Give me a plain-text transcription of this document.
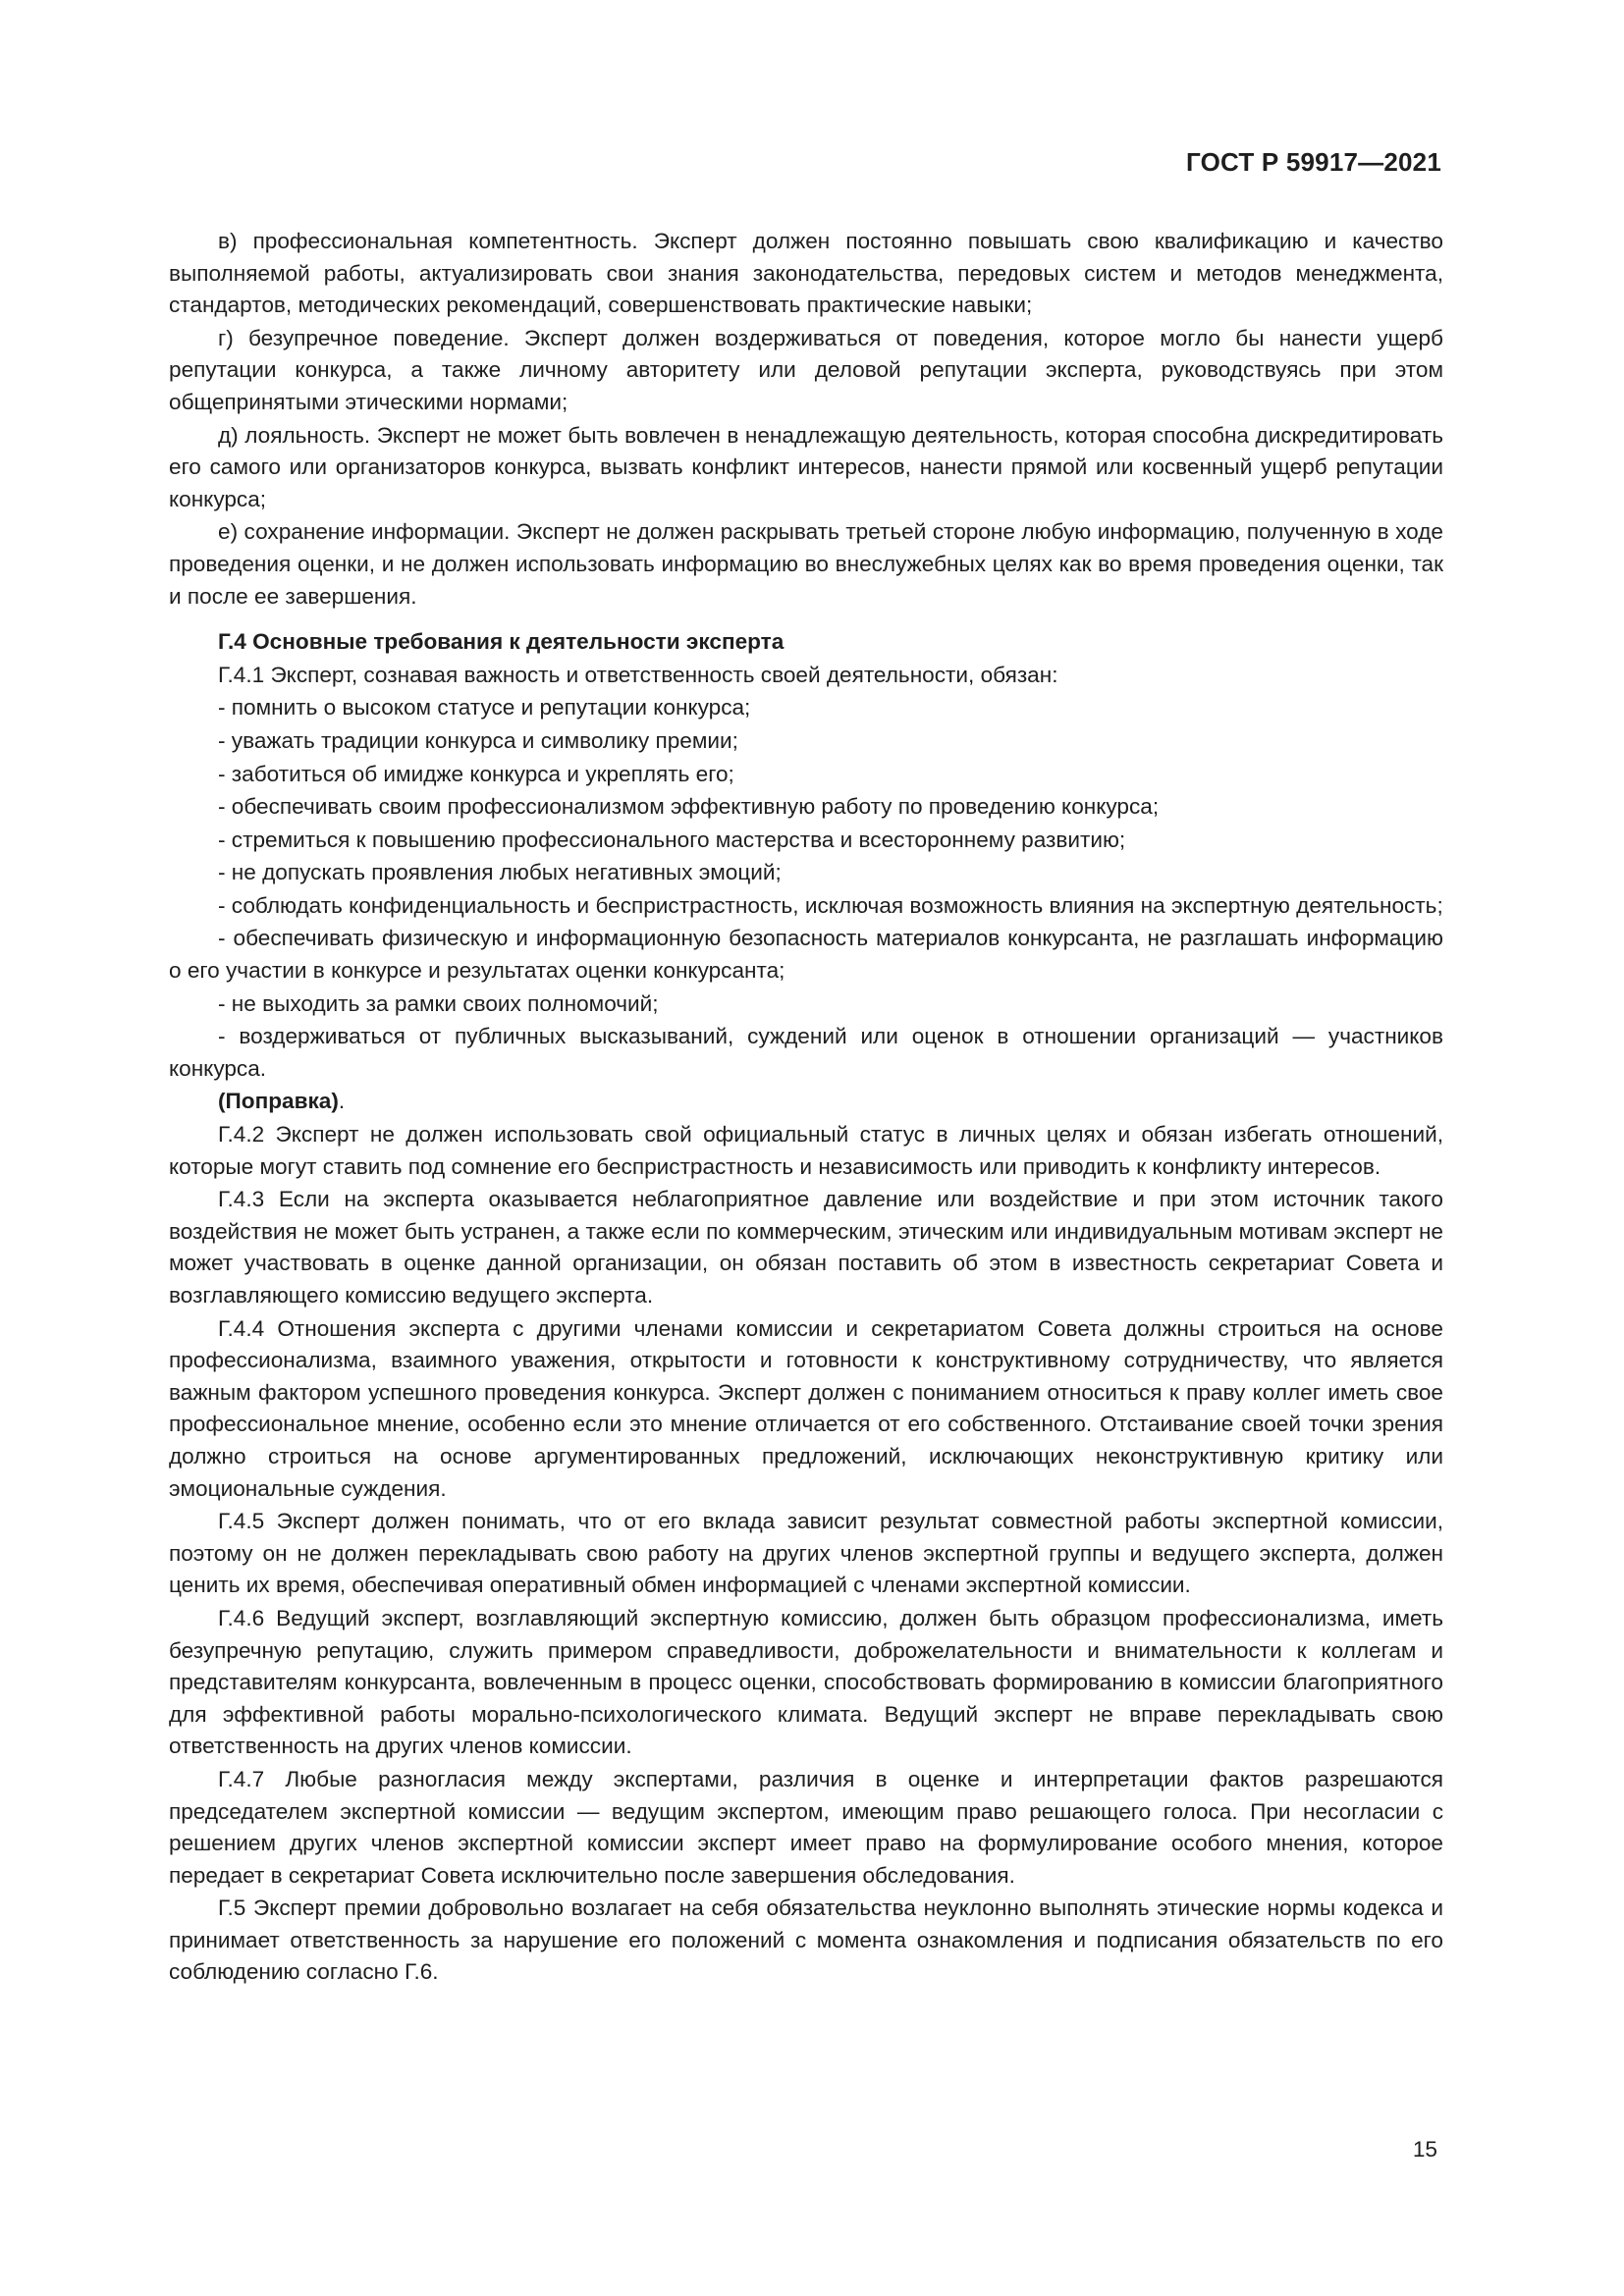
ГОСТ Р 59917—2021

в) профессиональная компетентность. Эксперт должен постоянно повышать свою квалификацию и качество выполняемой работы, актуализировать свои знания законодательства, передовых систем и методов менеджмента, стандартов, методических рекомендаций, совершенствовать практические навыки;

г) безупречное поведение. Эксперт должен воздерживаться от поведения, которое могло бы нанести ущерб репутации конкурса, а также личному авторитету или деловой репутации эксперта, руководствуясь при этом общепринятыми этическими нормами;

д) лояльность. Эксперт не может быть вовлечен в ненадлежащую деятельность, которая способна дискредитировать его самого или организаторов конкурса, вызвать конфликт интересов, нанести прямой или косвенный ущерб репутации конкурса;

е) сохранение информации. Эксперт не должен раскрывать третьей стороне любую информацию, полученную в ходе проведения оценки, и не должен использовать информацию во внеслужебных целях как во время проведения оценки, так и после ее завершения.

Г.4 Основные требования к деятельности эксперта

Г.4.1 Эксперт, сознавая важность и ответственность своей деятельности, обязан:

- помнить о высоком статусе и репутации конкурса;

- уважать традиции конкурса и символику премии;

- заботиться об имидже конкурса и укреплять его;

- обеспечивать своим профессионализмом эффективную работу по проведению конкурса;

- стремиться к повышению профессионального мастерства и всестороннему развитию;

- не допускать проявления любых негативных эмоций;

- соблюдать конфиденциальность и беспристрастность, исключая возможность влияния на экспертную деятельность;

- обеспечивать физическую и информационную безопасность материалов конкурсанта, не разглашать информацию о его участии в конкурсе и результатах оценки конкурсанта;

- не выходить за рамки своих полномочий;

- воздерживаться от публичных высказываний, суждений или оценок в отношении организаций — участников конкурса.

(Поправка).

Г.4.2 Эксперт не должен использовать свой официальный статус в личных целях и обязан избегать отношений, которые могут ставить под сомнение его беспристрастность и независимость или приводить к конфликту интересов.

Г.4.3 Если на эксперта оказывается неблагоприятное давление или воздействие и при этом источник такого воздействия не может быть устранен, а также если по коммерческим, этическим или индивидуальным мотивам эксперт не может участвовать в оценке данной организации, он обязан поставить об этом в известность секретариат Совета и возглавляющего комиссию ведущего эксперта.

Г.4.4 Отношения эксперта с другими членами комиссии и секретариатом Совета должны строиться на основе профессионализма, взаимного уважения, открытости и готовности к конструктивному сотрудничеству, что является важным фактором успешного проведения конкурса. Эксперт должен с пониманием относиться к праву коллег иметь свое профессиональное мнение, особенно если это мнение отличается от его собственного. Отстаивание своей точки зрения должно строиться на основе аргументированных предложений, исключающих неконструктивную критику или эмоциональные суждения.

Г.4.5 Эксперт должен понимать, что от его вклада зависит результат совместной работы экспертной комиссии, поэтому он не должен перекладывать свою работу на других членов экспертной группы и ведущего эксперта, должен ценить их время, обеспечивая оперативный обмен информацией с членами экспертной комиссии.

Г.4.6 Ведущий эксперт, возглавляющий экспертную комиссию, должен быть образцом профессионализма, иметь безупречную репутацию, служить примером справедливости, доброжелательности и внимательности к коллегам и представителям конкурсанта, вовлеченным в процесс оценки, способствовать формированию в комиссии благоприятного для эффективной работы морально-психологического климата. Ведущий эксперт не вправе перекладывать свою ответственность на других членов комиссии.

Г.4.7 Любые разногласия между экспертами, различия в оценке и интерпретации фактов разрешаются председателем экспертной комиссии — ведущим экспертом, имеющим право решающего голоса. При несогласии с решением других членов экспертной комиссии эксперт имеет право на формулирование особого мнения, которое передает в секретариат Совета исключительно после завершения обследования.

Г.5 Эксперт премии добровольно возлагает на себя обязательства неуклонно выполнять этические нормы кодекса и принимает ответственность за нарушение его положений с момента ознакомления и подписания обязательств по его соблюдению согласно Г.6.

15
